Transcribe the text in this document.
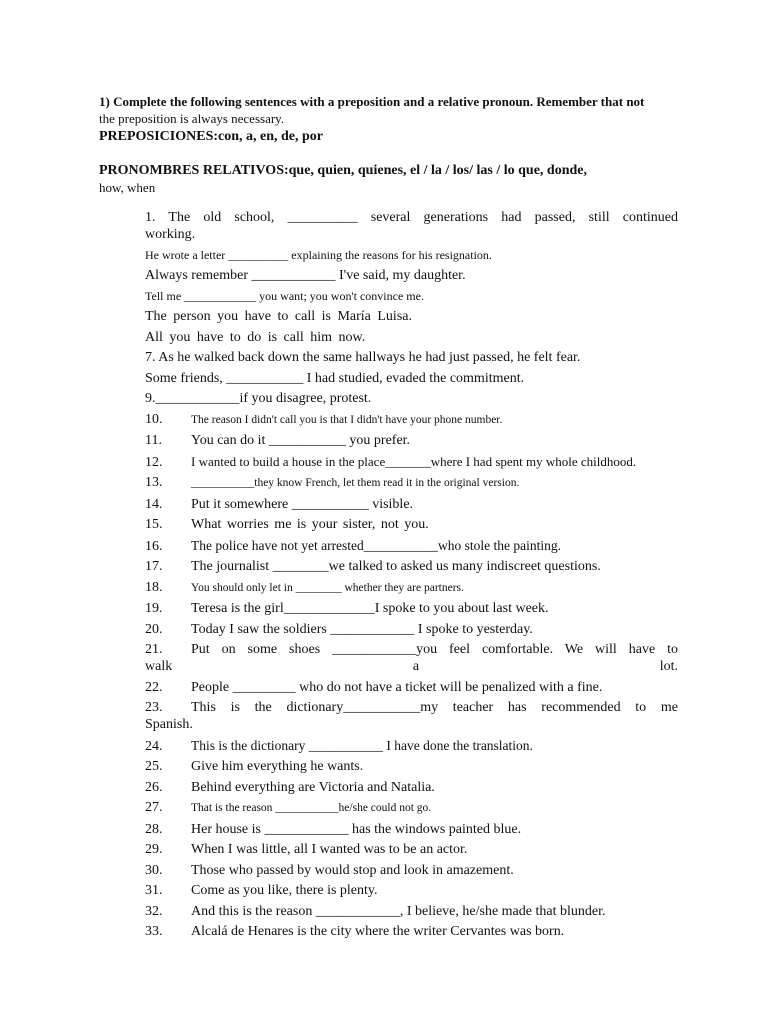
1) Complete the following sentences with a preposition and a relative pronoun. Remember that not
the preposition is always necessary.
PREPOSICIONES:con, a, en, de, por
PRONOMBRES RELATIVOS:que, quien, quienes, el / la / los/ las / lo que, donde,
how, when
1. The old school, __________ several generations had passed, still continued
working.
He wrote a letter __________ explaining the reasons for his resignation.
Always remember ____________ I've said, my daughter.
Tell me ____________ you want; you won't convince me.
The person you have to call is María Luisa.
All you have to do is call him now.
7. As he walked back down the same hallways he had just passed, he felt fear.
Some friends, ___________ I had studied, evaded the commitment.
9.____________if you disagree, protest.
10. The reason I didn't call you is that I didn't have your phone number.
11. You can do it ___________ you prefer.
12. I wanted to build a house in the place_______where I had spent my whole childhood.
13. ___________they know French, let them read it in the original version.
14. Put it somewhere ___________ visible.
15. What worries me is your sister, not you.
16. The police have not yet arrested___________who stole the painting.
17. The journalist ________we talked to asked us many indiscreet questions.
18. You should only let in ________ whether they are partners.
19. Teresa is the girl_____________I spoke to you about last week.
20. Today I saw the soldiers ____________ I spoke to yesterday.
21. Put on some shoes ____________you feel comfortable. We will have to
walk a lot.
22. People _________ who do not have a ticket will be penalized with a fine.
23. This is the dictionary___________my teacher has recommended to me
Spanish.
24. This is the dictionary ___________ I have done the translation.
25. Give him everything he wants.
26. Behind everything are Victoria and Natalia.
27. That is the reason ___________he/she could not go.
28. Her house is ____________ has the windows painted blue.
29. When I was little, all I wanted was to be an actor.
30. Those who passed by would stop and look in amazement.
31. Come as you like, there is plenty.
32. And this is the reason ____________, I believe, he/she made that blunder.
33. Alcalá de Henares is the city where the writer Cervantes was born.
